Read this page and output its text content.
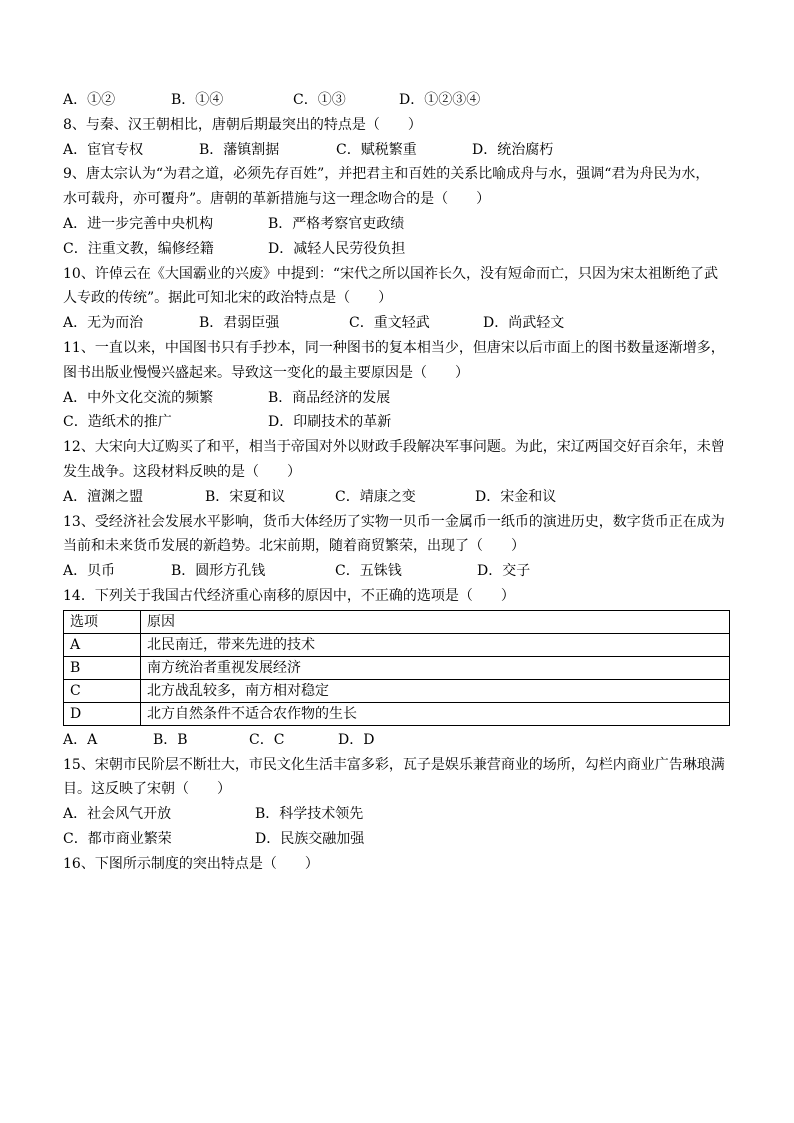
A．①②	B．①④	C．①③	D．①②③④
8、与秦、汉王朝相比，唐朝后期最突出的特点是（　　）
A．宦官专权	B．藩镇割据	C．赋税繁重	D．统治腐朽
9、唐太宗认为“为君之道，必须先存百姓”，并把君主和百姓的关系比喻成舟与水，强调“君为舟民为水，
水可载舟，亦可覆舟”。唐朝的革新措施与这一理念吻合的是（　　）
A．进一步完善中央机构	B．严格考察官吏政绩
C．注重文教，编修经籍	D．减轻人民劳役负担
10、许倬云在《大国霸业的兴废》中提到：“宋代之所以国祚长久，没有短命而亡，只因为宋太祖断绝了武
人专政的传统”。据此可知北宋的政治特点是（　　）
A．无为而治	B．君弱臣强	C．重文轻武	D．尚武轻文
11、一直以来，中国图书只有手抄本，同一种图书的复本相当少，但唐宋以后市面上的图书数量逐渐增多，
图书出版业慢慢兴盛起来。导致这一变化的最主要原因是（　　）
A．中外文化交流的频繁	B．商品经济的发展
C．造纸术的推广	D．印刷技术的革新
12、大宋向大辽购买了和平，相当于帝国对外以财政手段解决军事问题。为此，宋辽两国交好百余年，未曾
发生战争。这段材料反映的是（　　）
A．澶渊之盟	B．宋夏和议	C．靖康之变	D．宋金和议
13、受经济社会发展水平影响，货币大体经历了实物一贝币一金属币一纸币的演进历史，数字货币正在成为
当前和未来货币发展的新趋势。北宋前期，随着商贸繁荣，出现了（　　）
A．贝币	B．圆形方孔钱	C．五铢钱	D．交子
14．下列关于我国古代经济重心南移的原因中，不正确的选项是（　　）
选项	原因
A	北民南迁，带来先进的技术
B	南方统治者重视发展经济
C	北方战乱较多，南方相对稳定
D	北方自然条件不适合农作物的生长
A．A	B．B	C．C	D．D
15、宋朝市民阶层不断壮大，市民文化生活丰富多彩，瓦子是娱乐兼营商业的场所，勾栏内商业广告琳琅满
目。这反映了宋朝（　　）
A．社会风气开放	B．科学技术领先
C．都市商业繁荣	D．民族交融加强
16、下图所示制度的突出特点是（　　）
